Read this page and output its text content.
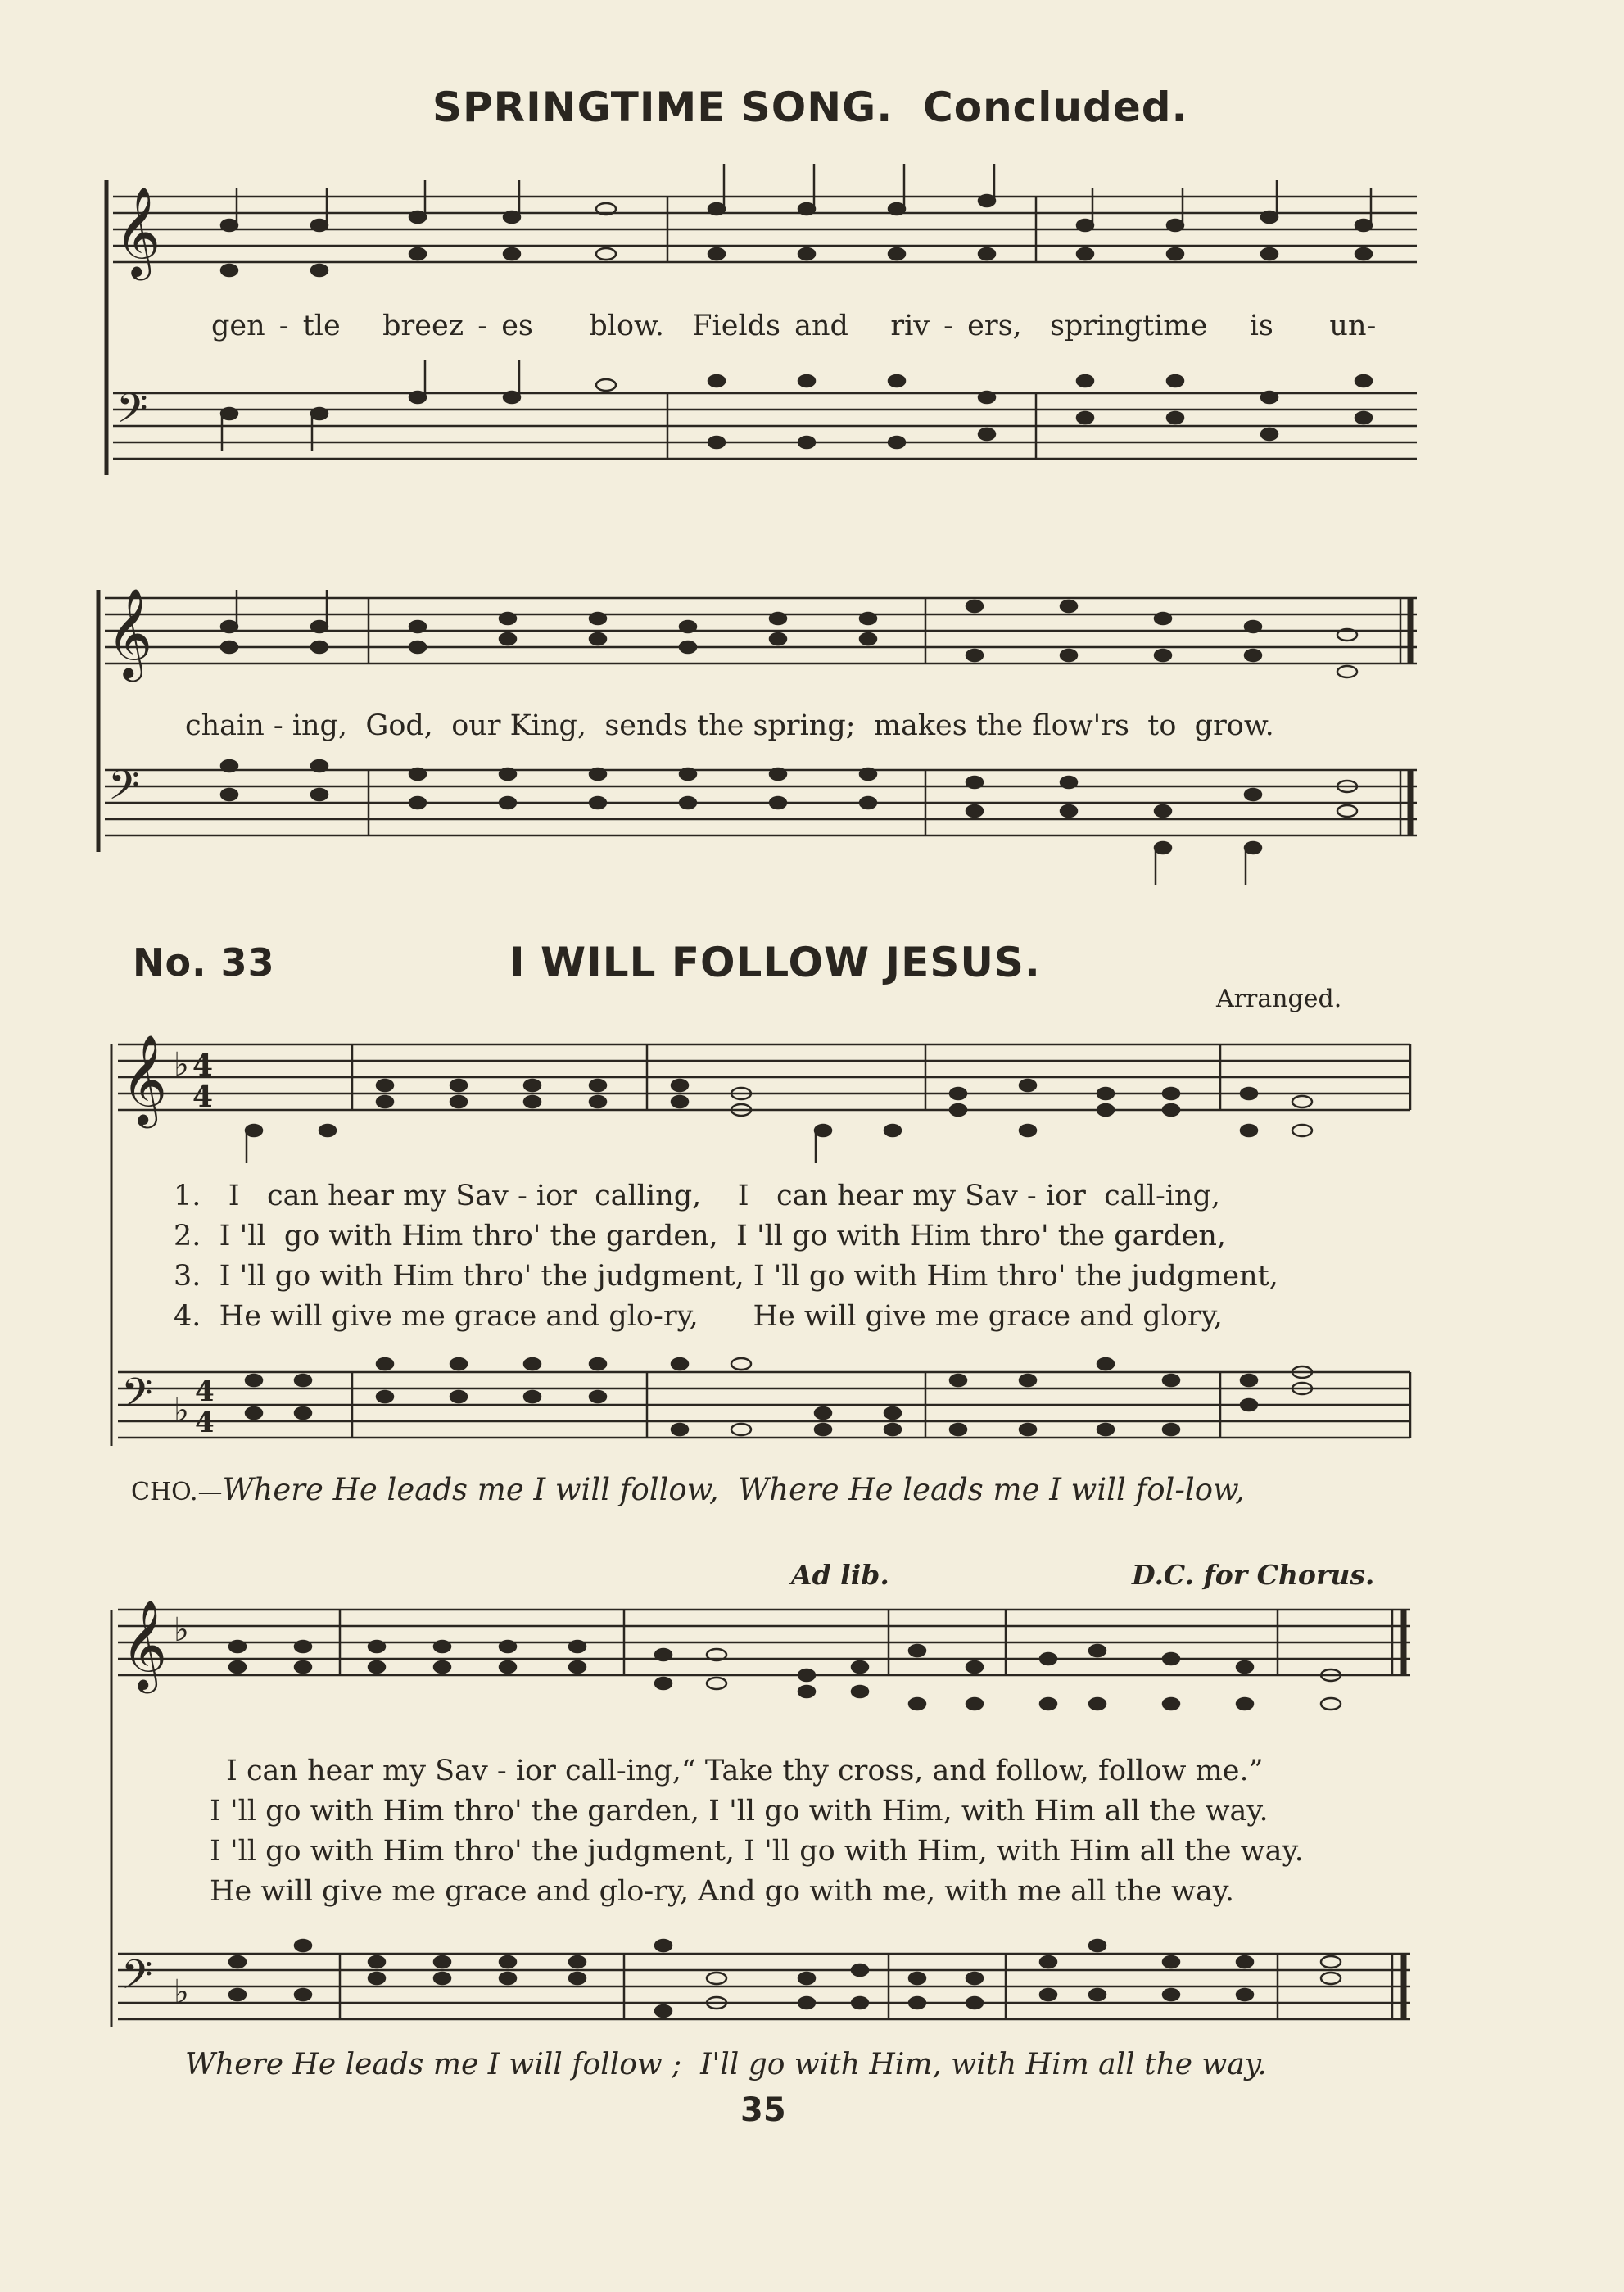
SPRINGTIME SONG. Concluded.
𝄞
𝄢
gen - tle breez - es blow. Fields and riv - ers, springtime is un-
𝄞
𝄢
chain - ing, God, our King, sends the spring; makes the flow'rs to grow.
No. 33	I WILL FOLLOW JESUS.
Arranged.
𝄞 ♭ 4
4
𝄢 ♭ 4
4
1. I   can hear my Sav - ior  calling,    I   can hear my Sav - ior  call-ing,
2. I 'll  go with Him thro' the garden,  I 'll go with Him thro' the garden,
3. I 'll go with Him thro' the judgment, I 'll go with Him thro' the judgment,
4. He will give me grace and glo-ry,      He will give me grace and glory,
CHO.—Where He leads me I will follow,  Where He leads me I will fol-low,
Ad lib.	D.C. for Chorus.
𝄞 ♭
𝄢 ♭
I can hear my Sav - ior call-ing,“ Take thy cross, and follow, follow me.”
I 'll go with Him thro' the garden, I 'll go with Him, with Him all the way.
I 'll go with Him thro' the judgment, I 'll go with Him, with Him all the way.
He will give me grace and glo-ry, And go with me, with me all the way.
Where He leads me I will follow ;  I'll go with Him, with Him all the way.
35
